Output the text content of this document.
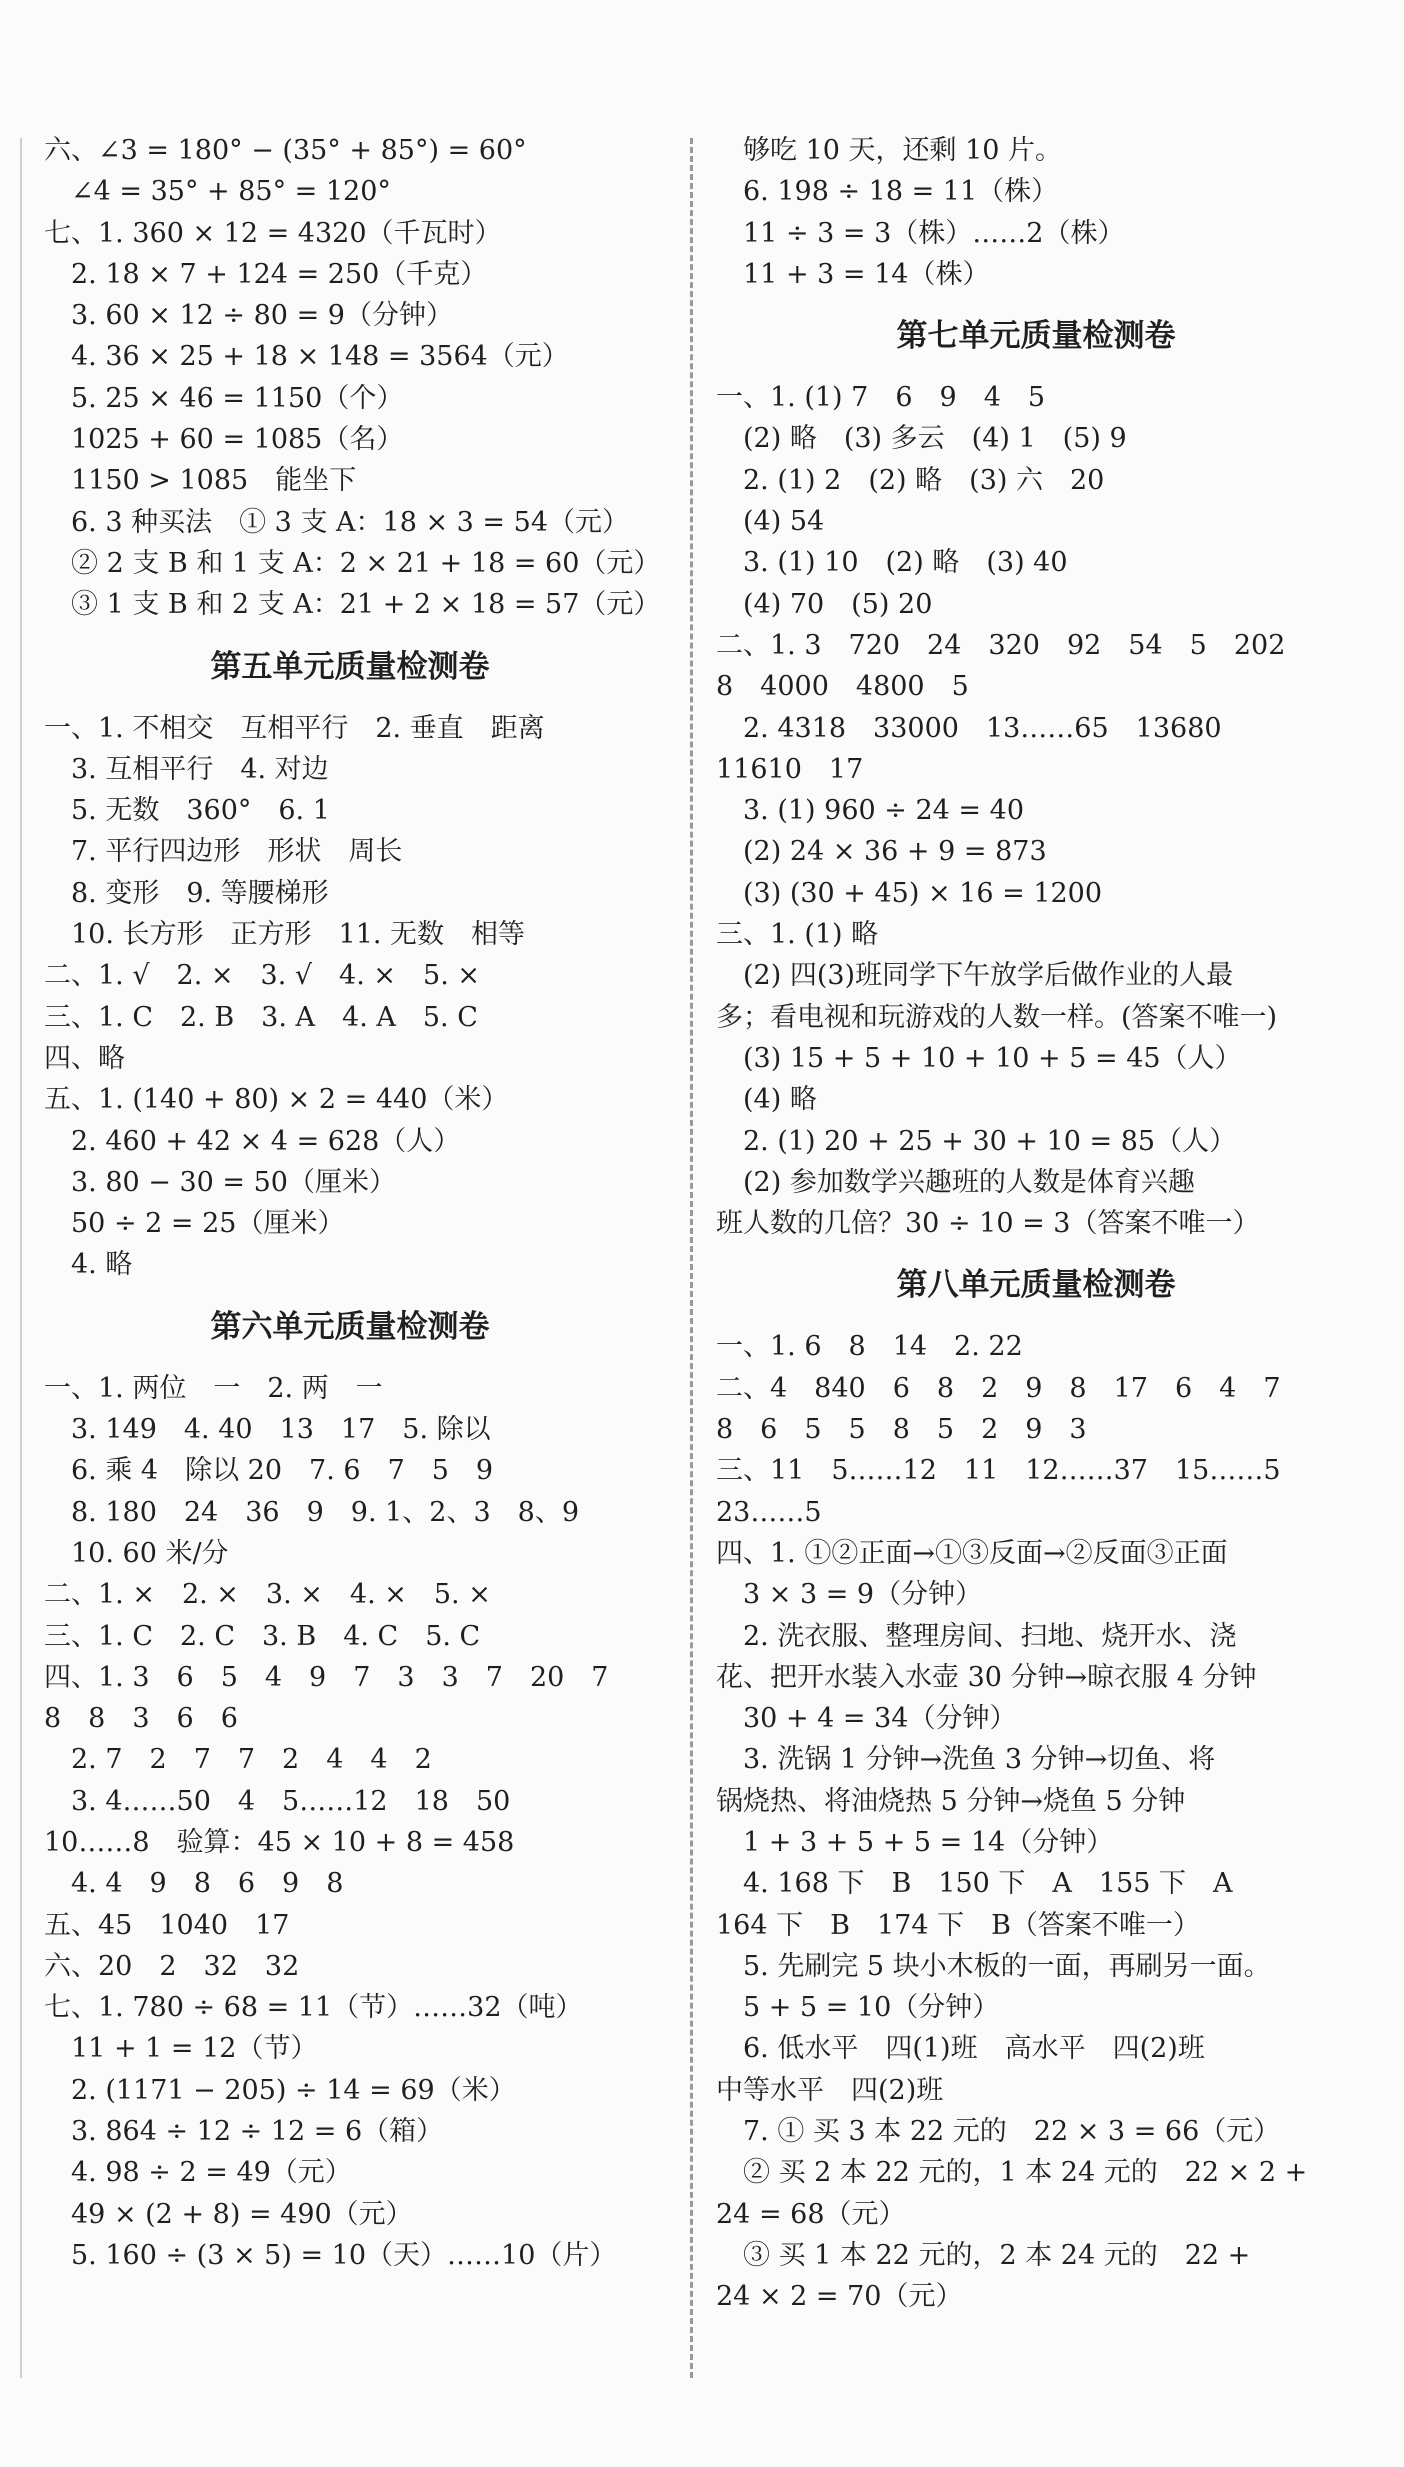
六、∠3 = 180° − (35° + 85°) = 60°
　∠4 = 35° + 85° = 120°
七、1. 360 × 12 = 4320（千瓦时）
　2. 18 × 7 + 124 = 250（千克）
　3. 60 × 12 ÷ 80 = 9（分钟）
　4. 36 × 25 + 18 × 148 = 3564（元）
　5. 25 × 46 = 1150（个）
　1025 + 60 = 1085（名）
　1150 > 1085　能坐下
　6. 3 种买法　① 3 支 A：18 × 3 = 54（元）
　② 2 支 B 和 1 支 A：2 × 21 + 18 = 60（元）
　③ 1 支 B 和 2 支 A：21 + 2 × 18 = 57（元）
第五单元质量检测卷
一、1. 不相交　互相平行　2. 垂直　距离
　3. 互相平行　4. 对边
　5. 无数　360°　6. 1
　7. 平行四边形　形状　周长
　8. 变形　9. 等腰梯形
　10. 长方形　正方形　11. 无数　相等
二、1. √　2. ×　3. √　4. ×　5. ×
三、1. C　2. B　3. A　4. A　5. C
四、略
五、1. (140 + 80) × 2 = 440（米）
　2. 460 + 42 × 4 = 628（人）
　3. 80 − 30 = 50（厘米）
　50 ÷ 2 = 25（厘米）
　4. 略
第六单元质量检测卷
一、1. 两位　一　2. 两　一
　3. 149　4. 40　13　17　5. 除以
　6. 乘 4　除以 20　7. 6　7　5　9
　8. 180　24　36　9　9. 1、2、3　8、9
　10. 60 米/分
二、1. ×　2. ×　3. ×　4. ×　5. ×
三、1. C　2. C　3. B　4. C　5. C
四、1. 3　6　5　4　9　7　3　3　7　20　7
8　8　3　6　6
　2. 7　2　7　7　2　4　4　2
　3. 4……50　4　5……12　18　50
10……8　验算：45 × 10 + 8 = 458
　4. 4　9　8　6　9　8
五、45　1040　17
六、20　2　32　32
七、1. 780 ÷ 68 = 11（节）……32（吨）
　11 + 1 = 12（节）
　2. (1171 − 205) ÷ 14 = 69（米）
　3. 864 ÷ 12 ÷ 12 = 6（箱）
　4. 98 ÷ 2 = 49（元）
　49 × (2 + 8) = 490（元）
　5. 160 ÷ (3 × 5) = 10（天）……10（片）
　够吃 10 天，还剩 10 片。
　6. 198 ÷ 18 = 11（株）
　11 ÷ 3 = 3（株）……2（株）
　11 + 3 = 14（株）
第七单元质量检测卷
一、1. (1) 7　6　9　4　5
　(2) 略　(3) 多云　(4) 1　(5) 9
　2. (1) 2　(2) 略　(3) 六　20
　(4) 54
　3. (1) 10　(2) 略　(3) 40
　(4) 70　(5) 20
二、1. 3　720　24　320　92　54　5　202
8　4000　4800　5
　2. 4318　33000　13……65　13680
11610　17
　3. (1) 960 ÷ 24 = 40
　(2) 24 × 36 + 9 = 873
　(3) (30 + 45) × 16 = 1200
三、1. (1) 略
　(2) 四(3)班同学下午放学后做作业的人最
多；看电视和玩游戏的人数一样。(答案不唯一)
　(3) 15 + 5 + 10 + 10 + 5 = 45（人）
　(4) 略
　2. (1) 20 + 25 + 30 + 10 = 85（人）
　(2) 参加数学兴趣班的人数是体育兴趣
班人数的几倍？30 ÷ 10 = 3（答案不唯一）
第八单元质量检测卷
一、1. 6　8　14　2. 22
二、4　840　6　8　2　9　8　17　6　4　7
8　6　5　5　8　5　2　9　3
三、11　5……12　11　12……37　15……5
23……5
四、1. ①②正面→①③反面→②反面③正面
　3 × 3 = 9（分钟）
　2. 洗衣服、整理房间、扫地、烧开水、浇
花、把开水装入水壶 30 分钟→晾衣服 4 分钟
　30 + 4 = 34（分钟）
　3. 洗锅 1 分钟→洗鱼 3 分钟→切鱼、将
锅烧热、将油烧热 5 分钟→烧鱼 5 分钟
　1 + 3 + 5 + 5 = 14（分钟）
　4. 168 下　B　150 下　A　155 下　A
164 下　B　174 下　B（答案不唯一）
　5. 先刷完 5 块小木板的一面，再刷另一面。
　5 + 5 = 10（分钟）
　6. 低水平　四(1)班　高水平　四(2)班
中等水平　四(2)班
　7. ① 买 3 本 22 元的　22 × 3 = 66（元）
　② 买 2 本 22 元的，1 本 24 元的　22 × 2 +
24 = 68（元）
　③ 买 1 本 22 元的，2 本 24 元的　22 +
24 × 2 = 70（元）
